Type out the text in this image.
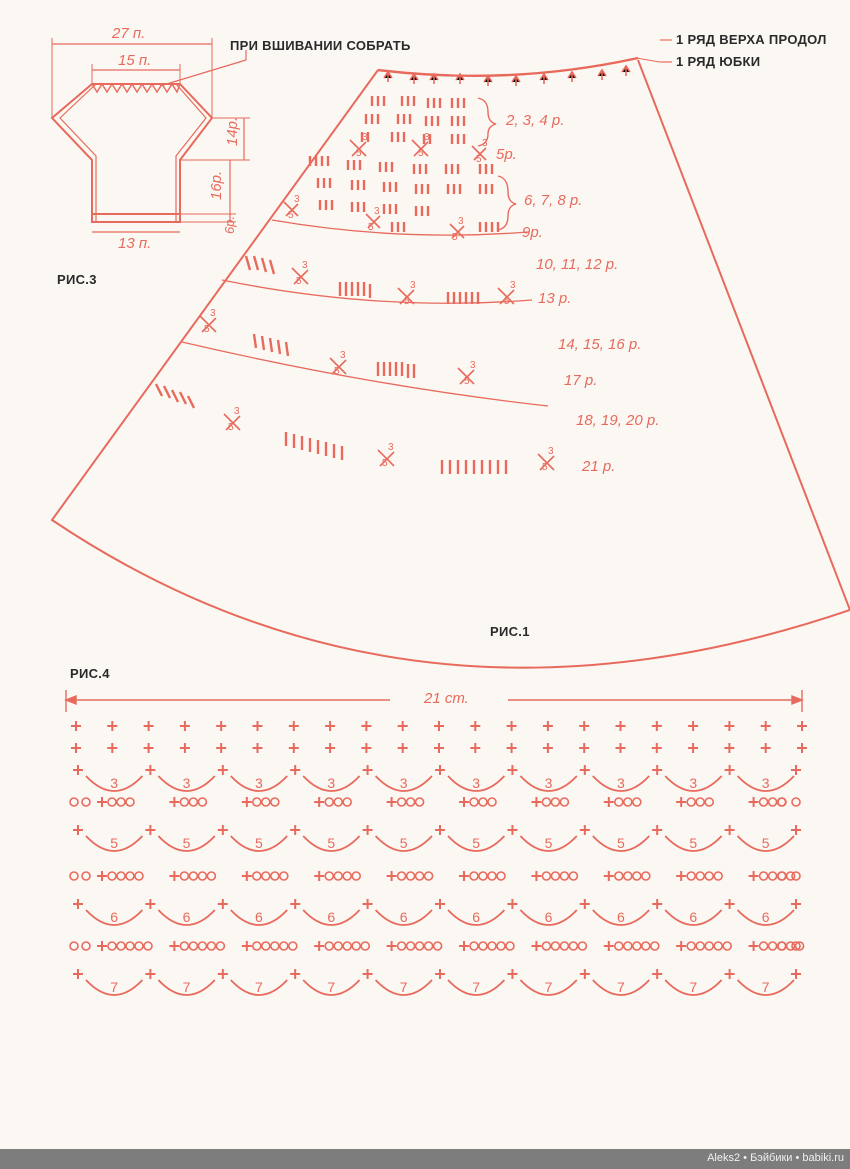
27 п.
15 п.
13 п.
ПРИ ВШИВАНИИ СОБРАТЬ
14р.
16р.
6р.
РИС.3
1 РЯД ВЕРХА ПРОДОЛ
1 РЯД ЮБКИ
2, 3, 4 р.
5р.
6, 7, 8 р.
9р.
10, 11, 12 р.
13 р.
14, 15, 16 р.
17 р.
18, 19, 20 р.
21 р.
3
5
3
5
3
5
3
5	3
5
3
5
3
5	3
5
3
5
3
5
3
5
3
5
3
5
3
5
3
5
РИС.1
РИС.4
21 ст.
3	3	3	3	3	3	3	3	3	3
5	5	5	5	5	5	5	5	5	5
6	6	6	6	6	6	6	6	6	6
7	7	7	7	7	7	7	7	7	7
Aleks2 • Бэйбики • babiki.ru
